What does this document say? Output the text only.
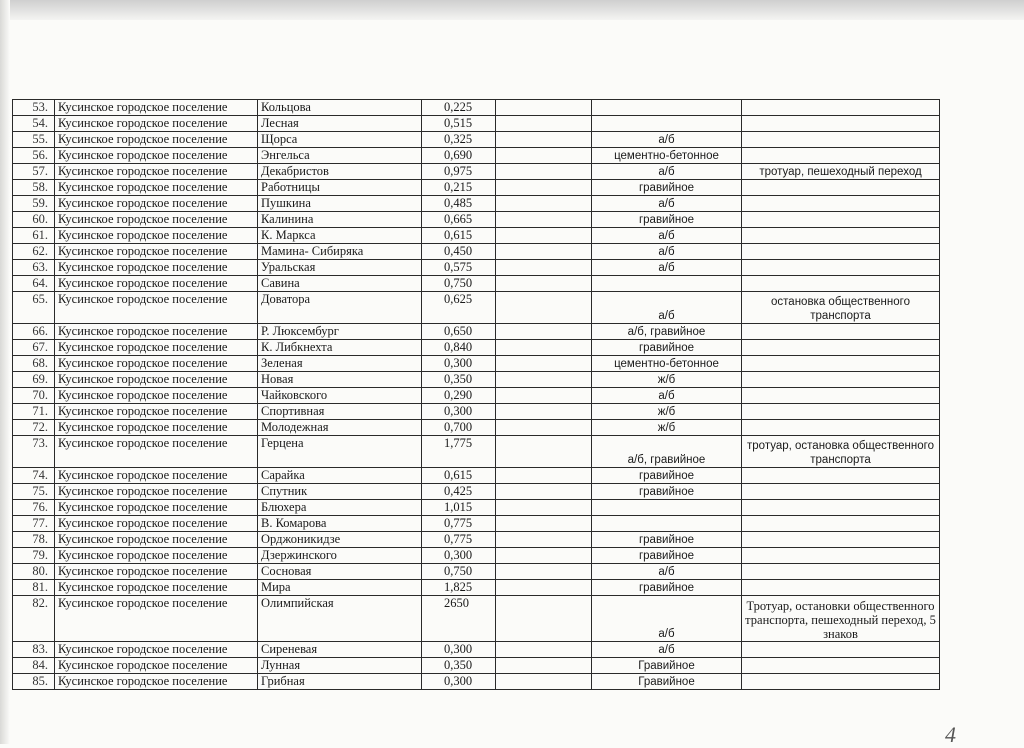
53.	Кусинское городское поселение	Кольцова	0,225			
54.	Кусинское городское поселение	Лесная	0,515			
55.	Кусинское городское поселение	Щорса	0,325		а/б	
56.	Кусинское городское поселение	Энгельса	0,690		цементно-бетонное	
57.	Кусинское городское поселение	Декабристов	0,975		а/б	тротуар, пешеходный переход
58.	Кусинское городское поселение	Работницы	0,215		гравийное	
59.	Кусинское городское поселение	Пушкина	0,485		а/б	
60.	Кусинское городское поселение	Калинина	0,665		гравийное	
61.	Кусинское городское поселение	К. Маркса	0,615		а/б	
62.	Кусинское городское поселение	Мамина- Сибиряка	0,450		а/б	
63.	Кусинское городское поселение	Уральская	0,575		а/б	
64.	Кусинское городское поселение	Савина	0,750			
65.	Кусинское городское поселение	Доватора	0,625		а/б	остановка общественного транспорта
66.	Кусинское городское поселение	Р. Люксембург	0,650		а/б, гравийное	
67.	Кусинское городское поселение	К. Либкнехта	0,840		гравийное	
68.	Кусинское городское поселение	Зеленая	0,300		цементно-бетонное	
69.	Кусинское городское поселение	Новая	0,350		ж/б	
70.	Кусинское городское поселение	Чайковского	0,290		а/б	
71.	Кусинское городское поселение	Спортивная	0,300		ж/б	
72.	Кусинское городское поселение	Молодежная	0,700		ж/б	
73.	Кусинское городское поселение	Герцена	1,775		а/б, гравийное	тротуар, остановка общественного транспорта
74.	Кусинское городское поселение	Сарайка	0,615		гравийное	
75.	Кусинское городское поселение	Спутник	0,425		гравийное	
76.	Кусинское городское поселение	Блюхера	1,015			
77.	Кусинское городское поселение	В. Комарова	0,775			
78.	Кусинское городское поселение	Орджоникидзе	0,775		гравийное	
79.	Кусинское городское поселение	Дзержинского	0,300		гравийное	
80.	Кусинское городское поселение	Сосновая	0,750		а/б	
81.	Кусинское городское поселение	Мира	1,825		гравийное	
82.	Кусинское городское поселение	Олимпийская	2650		а/б	Тротуар, остановки общественного транспорта, пешеходный переход, 5 знаков
83.	Кусинское городское поселение	Сиреневая	0,300		а/б	
84.	Кусинское городское поселение	Лунная	0,350		Гравийное	
85.	Кусинское городское поселение	Грибная	0,300		Гравийное	
4
